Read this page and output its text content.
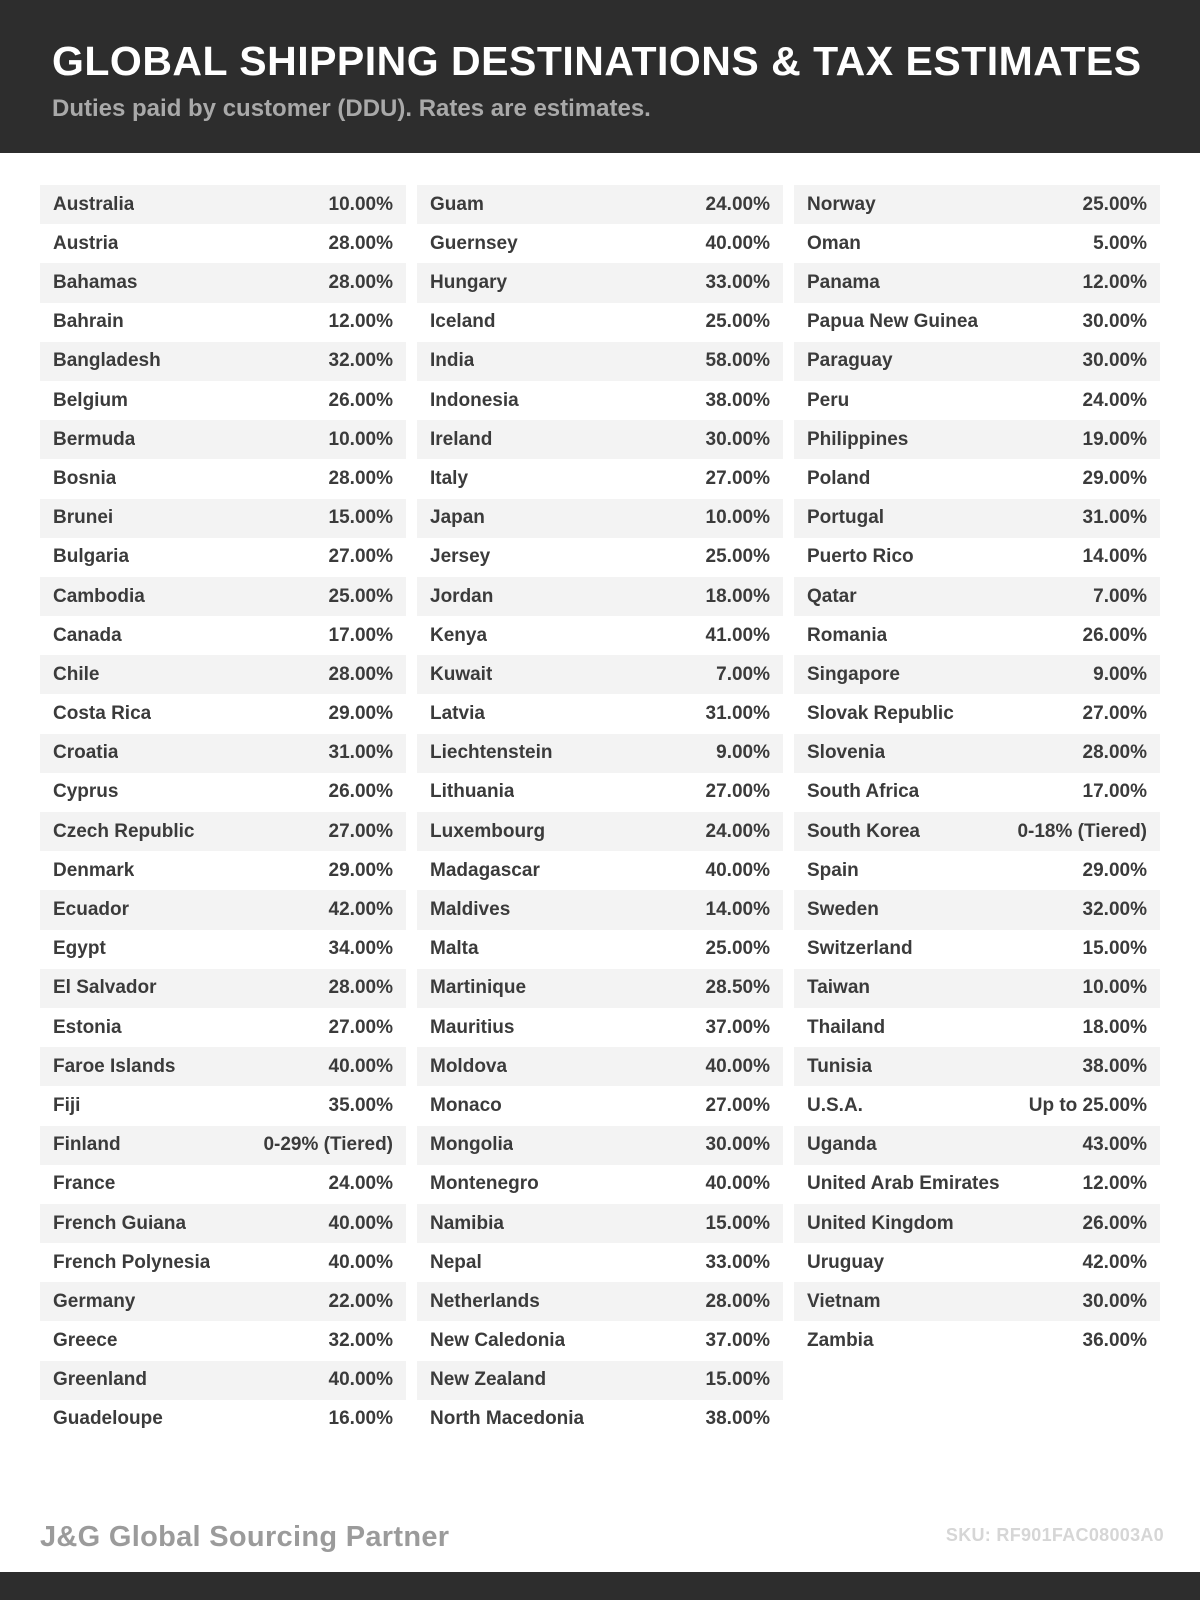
GLOBAL SHIPPING DESTINATIONS & TAX ESTIMATES
Duties paid by customer (DDU). Rates are estimates.
Australia	10.00%
Austria	28.00%
Bahamas	28.00%
Bahrain	12.00%
Bangladesh	32.00%
Belgium	26.00%
Bermuda	10.00%
Bosnia	28.00%
Brunei	15.00%
Bulgaria	27.00%
Cambodia	25.00%
Canada	17.00%
Chile	28.00%
Costa Rica	29.00%
Croatia	31.00%
Cyprus	26.00%
Czech Republic	27.00%
Denmark	29.00%
Ecuador	42.00%
Egypt	34.00%
El Salvador	28.00%
Estonia	27.00%
Faroe Islands	40.00%
Fiji	35.00%
Finland	0-29% (Tiered)
France	24.00%
French Guiana	40.00%
French Polynesia	40.00%
Germany	22.00%
Greece	32.00%
Greenland	40.00%
Guadeloupe	16.00%
Guam	24.00%
Guernsey	40.00%
Hungary	33.00%
Iceland	25.00%
India	58.00%
Indonesia	38.00%
Ireland	30.00%
Italy	27.00%
Japan	10.00%
Jersey	25.00%
Jordan	18.00%
Kenya	41.00%
Kuwait	7.00%
Latvia	31.00%
Liechtenstein	9.00%
Lithuania	27.00%
Luxembourg	24.00%
Madagascar	40.00%
Maldives	14.00%
Malta	25.00%
Martinique	28.50%
Mauritius	37.00%
Moldova	40.00%
Monaco	27.00%
Mongolia	30.00%
Montenegro	40.00%
Namibia	15.00%
Nepal	33.00%
Netherlands	28.00%
New Caledonia	37.00%
New Zealand	15.00%
North Macedonia	38.00%
Norway	25.00%
Oman	5.00%
Panama	12.00%
Papua New Guinea	30.00%
Paraguay	30.00%
Peru	24.00%
Philippines	19.00%
Poland	29.00%
Portugal	31.00%
Puerto Rico	14.00%
Qatar	7.00%
Romania	26.00%
Singapore	9.00%
Slovak Republic	27.00%
Slovenia	28.00%
South Africa	17.00%
South Korea	0-18% (Tiered)
Spain	29.00%
Sweden	32.00%
Switzerland	15.00%
Taiwan	10.00%
Thailand	18.00%
Tunisia	38.00%
U.S.A.	Up to 25.00%
Uganda	43.00%
United Arab Emirates	12.00%
United Kingdom	26.00%
Uruguay	42.00%
Vietnam	30.00%
Zambia	36.00%
J&G Global Sourcing Partner	SKU: RF901FAC08003A0
